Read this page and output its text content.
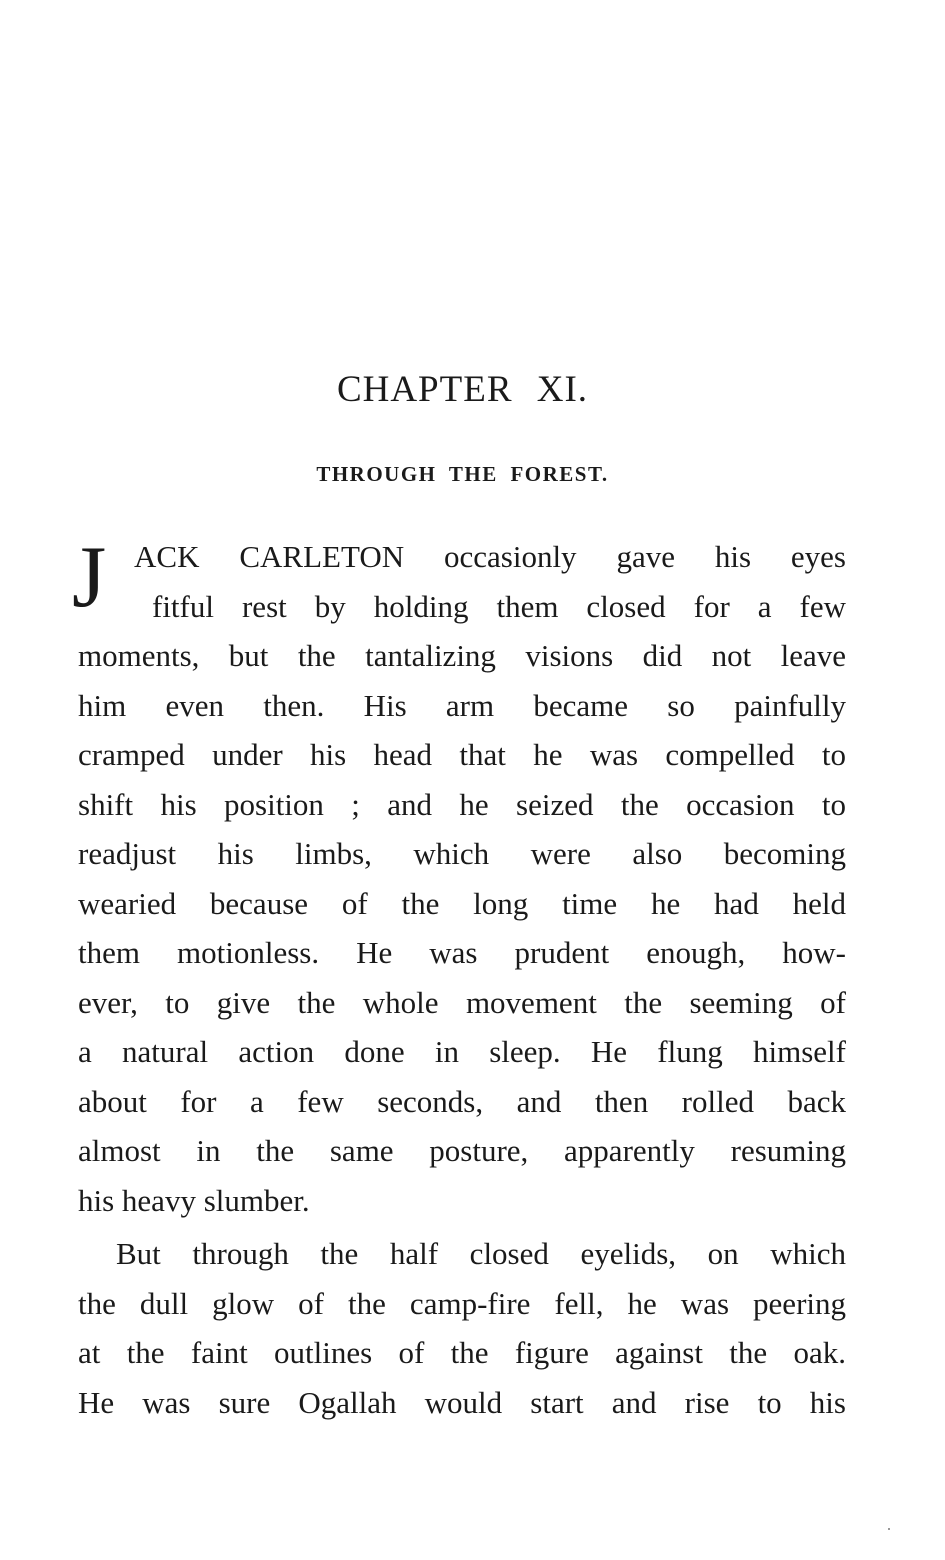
CHAPTER XI.
THROUGH THE FOREST.
J ACK CARLETON occasionly gave his eyes
fitful rest by holding them closed for a few
moments, but the tantalizing visions did not leave
him even then. His arm became so painfully
cramped under his head that he was compelled to
shift his position ; and he seized the occasion to
readjust his limbs, which were also becoming
wearied because of the long time he had held
them motionless. He was prudent enough, how-
ever, to give the whole movement the seeming of
a natural action done in sleep. He flung himself
about for a few seconds, and then rolled back
almost in the same posture, apparently resuming
his heavy slumber.
But through the half closed eyelids, on which
the dull glow of the camp-fire fell, he was peering
at the faint outlines of the figure against the oak.
He was sure Ogallah would start and rise to his
